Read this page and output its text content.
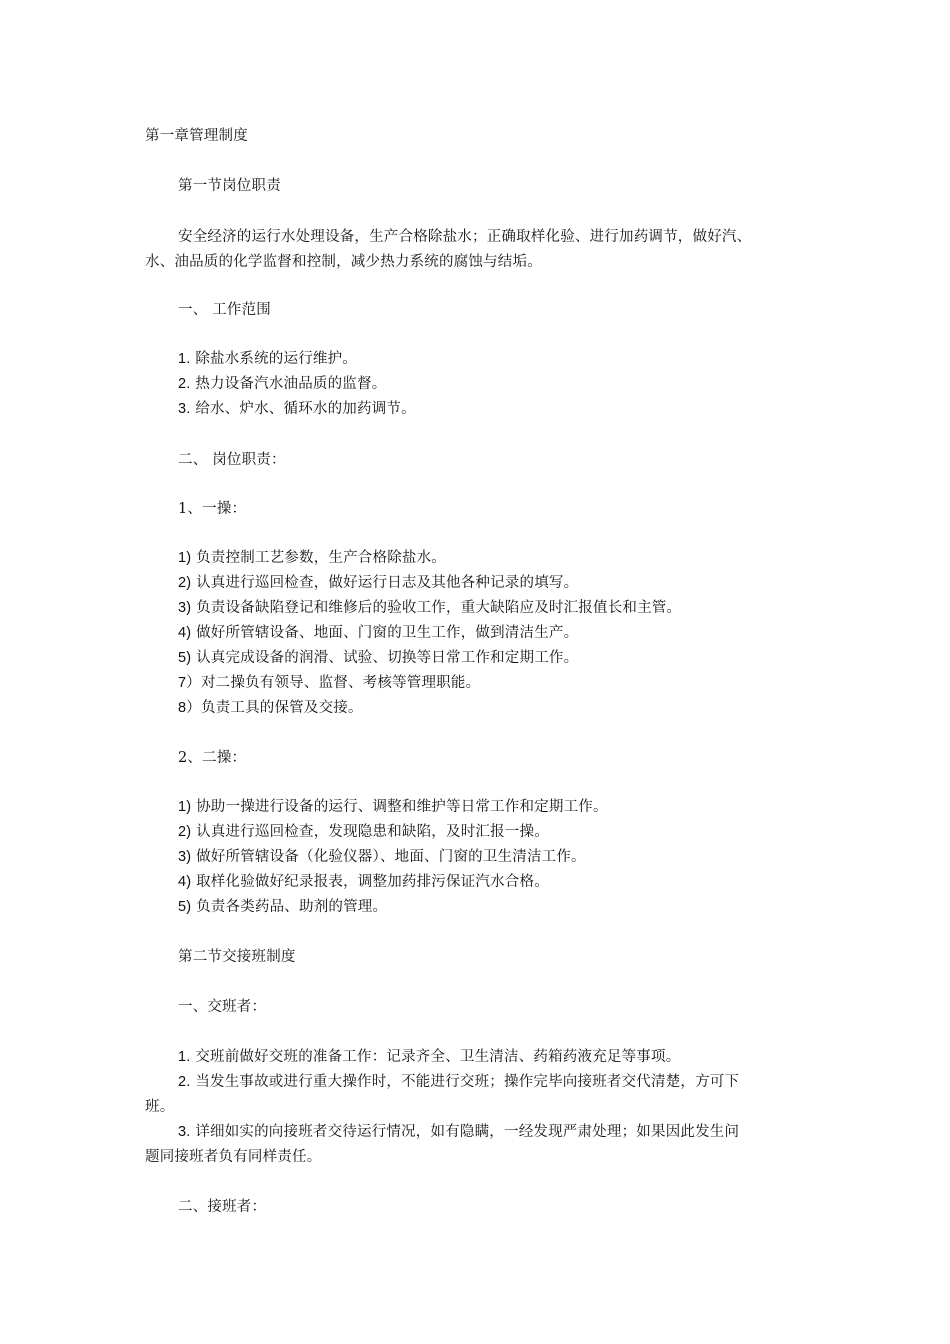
第一章管理制度
第一节岗位职责
安全经济的运行水处理设备，生产合格除盐水；正确取样化验、进行加药调节，做好汽、
水、油品质的化学监督和控制，减少热力系统的腐蚀与结垢。
一、 工作范围
1. 除盐水系统的运行维护。
2. 热力设备汽水油品质的监督。
3. 给水、炉水、循环水的加药调节。
二、 岗位职责：
1、一操：
1) 负责控制工艺参数，生产合格除盐水。
2) 认真进行巡回检查，做好运行日志及其他各种记录的填写。
3) 负责设备缺陷登记和维修后的验收工作，重大缺陷应及时汇报值长和主管。
4) 做好所管辖设备、地面、门窗的卫生工作，做到清洁生产。
5) 认真完成设备的润滑、试验、切换等日常工作和定期工作。
7）对二操负有领导、监督、考核等管理职能。
8）负责工具的保管及交接。
2、二操：
1) 协助一操进行设备的运行、调整和维护等日常工作和定期工作。
2) 认真进行巡回检查，发现隐患和缺陷，及时汇报一操。
3) 做好所管辖设备（化验仪器）、地面、门窗的卫生清洁工作。
4) 取样化验做好纪录报表，调整加药排污保证汽水合格。
5) 负责各类药品、助剂的管理。
第二节交接班制度
一、交班者：
1. 交班前做好交班的准备工作：记录齐全、卫生清洁、药箱药液充足等事项。
2. 当发生事故或进行重大操作时，不能进行交班；操作完毕向接班者交代清楚，方可下
班。
3. 详细如实的向接班者交待运行情况，如有隐瞒，一经发现严肃处理；如果因此发生问
题同接班者负有同样责任。
二、接班者：
